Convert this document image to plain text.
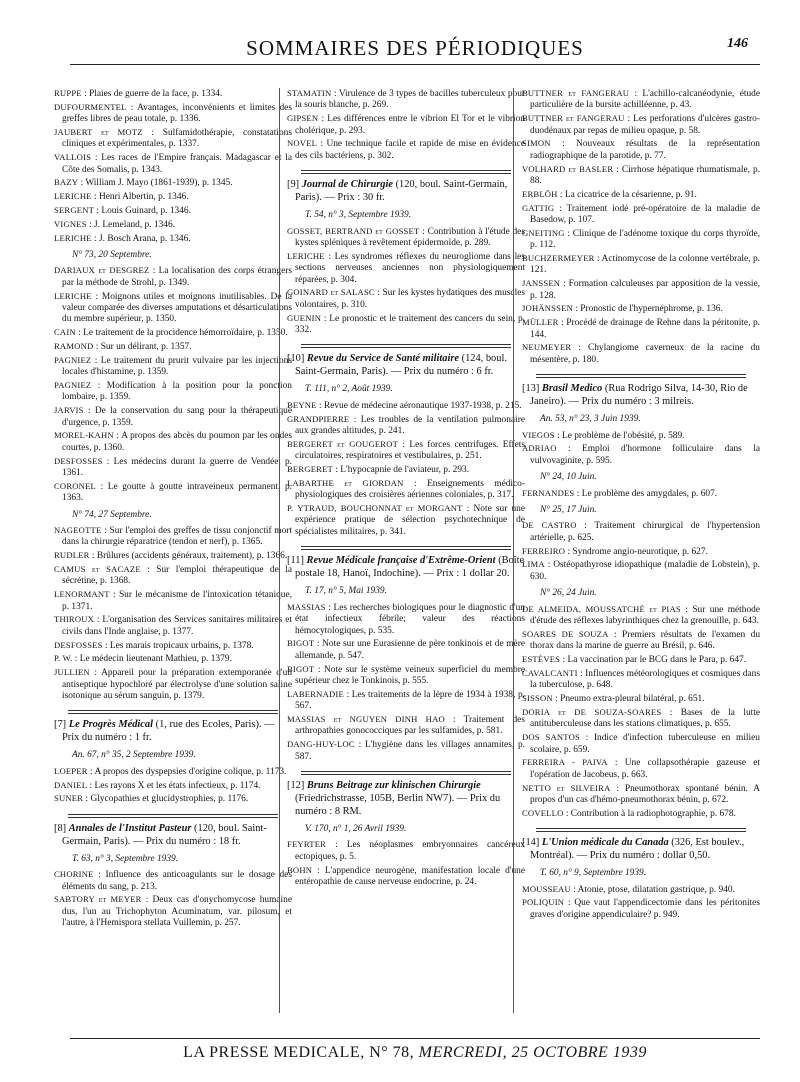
SOMMAIRES DES PÉRIODIQUES	146
RUPPE : Plaies de guerre de la face, p. 1334.
DUFOURMENTEL : Avantages, inconvénients et limites des greffes libres de peau totale, p. 1336.
JAUBERT et MOTZ : Sulfamidothérapie, constatations cliniques et expérimentales, p. 1337.
VALLOIS : Les races de l'Empire français. Madagascar et la Côte des Somalis, p. 1343.
BAZY : William J. Mayo (1861-1939), p. 1345.
LERICHE : Henri Albertin, p. 1346.
SERGENT : Louis Guinard, p. 1346.
VIGNES : J. Lemeland, p. 1346.
LERICHE : J. Bosch Arana, p. 1346.
N° 73, 20 Septembre.
DARIAUX et DESGREZ : La localisation des corps étrangers par la méthode de Strohl, p. 1349.
LERICHE : Moignons utiles et moignons inutilisables. De la valeur comparée des diverses amputations et désarticulations du membre supérieur, p. 1350.
CAIN : Le traitement de la procidence hémorroïdaire, p. 1350.
RAMOND : Sur un délirant, p. 1357.
PAGNIEZ : Le traitement du prurit vulvaire par les injections locales d'histamine, p. 1359.
PAGNIEZ : Modification à la position pour la ponction lombaire, p. 1359.
JARVIS : De la conservation du sang pour la thérapeutique d'urgence, p. 1359.
MOREL-KAHN : A propos des abcès du poumon par les ondes courtes, p. 1360.
DESFOSSES : Les médecins durant la guerre de Vendée, p. 1361.
CORONEL : Le goutte à goutte intraveineux permanent, p. 1363.
N° 74, 27 Septembre.
NAGEOTTE : Sur l'emploi des greffes de tissu conjonctif mort dans la chirurgie réparatrice (tendon et nerf), p. 1365.
RUDLER : Brûlures (accidents généraux, traitement), p. 1366.
CAMUS et SACAZE : Sur l'emploi thérapeutique de la sécrétine, p. 1368.
LENORMANT : Sur le mécanisme de l'intoxication tétanique, p. 1371.
THIROUX : L'organisation des Services sanitaires militaires et civils dans l'Inde anglaise, p. 1377.
DESFOSSES : Les marais tropicaux urbains, p. 1378.
P. W. : Le médecin lieutenant Mathieu, p. 1379.
JULLIEN : Appareil pour la préparation extemporanée d'un antiseptique hypochloré par électrolyse d'une solution saline isotonique au sérum sanguin, p. 1379.
[7] Le Progrès Médical (1, rue des Ecoles, Paris). — Prix du numéro : 1 fr.
An. 67, n° 35, 2 Septembre 1939.
LOEPER : A propos des dyspepsies d'origine colique, p. 1173.
DANIEL : Les rayons X et les états infectieux, p. 1174.
SUNER : Glycopathies et glucidystrophies, p. 1176.
[8] Annales de l'Institut Pasteur (120, boul. Saint-Germain, Paris). — Prix du numéro : 18 fr.
T. 63, n° 3, Septembre 1939.
CHORINE : Influence des anticoagulants sur le dosage des éléments du sang, p. 213.
SABTORY et MEYER : Deux cas d'onychomycose humaine dus, l'un au Trichophyton Acuminatum, var. pilosum, et l'autre, à l'Hemispora stellata Vuillemin, p. 257.
STAMATIN : Virulence de 3 types de bacilles tuberculeux pour la souris blanche, p. 269.
GIPSEN : Les différences entre le vibrion El Tor et le vibrion cholérique, p. 293.
NOVEL : Une technique facile et rapide de mise en évidence des cils bactériens, p. 302.
[9] Journal de Chirurgie (120, boul. Saint-Germain, Paris). — Prix : 30 fr.
T. 54, n° 3, Septembre 1939.
GOSSET, BERTRAND et GOSSET : Contribution à l'étude des kystes spléniques à revêtement épidermoïde, p. 289.
LERICHE : Les syndromes réflexes du neurogliome dans les sections nerveuses anciennes non physiologiquement réparées, p. 304.
GOINARD et SALASC : Sur les kystes hydatiques des muscles volontaires, p. 310.
GUENIN : Le pronostic et le traitement des cancers du sein, p. 332.
[10] Revue du Service de Santé militaire (124, boul. Saint-Germain, Paris). — Prix du numéro : 6 fr.
T. 111, n° 2, Août 1939.
BEYNE : Revue de médecine aéronautique 1937-1938, p. 215.
GRANDPIERRE : Les troubles de la ventilation pulmonaire aux grandes altitudes, p. 241.
BERGERET et GOUGEROT : Les forces centrifuges. Effets circulatoires, respiratoires et vestibulaires, p. 251.
BERGERET : L'hypocapnie de l'aviateur, p. 293.
LABARTHE et GIORDAN : Enseignements médico-physiologiques des croisières aériennes coloniales, p. 317.
P. YTRAUD, BOUCHONNAT et MORGANT : Note sur une expérience pratique de sélection psychotechnique de spécialistes militaires, p. 341.
[11] Revue Médicale française d'Extrême-Orient (Boîte postale 18, Hanoï, Indochine). — Prix : 1 dollar 20.
T. 17, n° 5, Mai 1939.
MASSIAS : Les recherches biologiques pour le diagnostic d'un état infectieux fébrile; valeur des réactions hémocytologiques, p. 535.
BIGOT : Note sur une Eurasienne de père tonkinois et de mère allemande, p. 547.
BIGOT : Note sur le système veineux superficiel du membre supérieur chez le Tonkinois, p. 555.
LABERNADIE : Les traitements de la lèpre de 1934 à 1938, p. 567.
MASSIAS et NGUYEN DINH HAO : Traitement des arthropathies gonococciques par les sulfamides, p. 581.
DANG-HUY-LOC : L'hygiène dans les villages annamites, p. 587.
[12] Bruns Beitrage zur klinischen Chirurgie (Friedrichstrasse, 105B, Berlin NW7). — Prix du numéro : 8 RM.
V. 170, n° 1, 26 Avril 1939.
FEYRTER : Les néoplasmes embryonnaires cancéreux ectopiques, p. 5.
BOHN : L'appendice neurogène, manifestation locale d'une entéropathie de cause nerveuse endocrine, p. 24.
BUTTNER et FANGERAU : L'achillo-calcanéodynie, étude particulière de la bursite achilléenne, p. 43.
BUTTNER et FANGERAU : Les perforations d'ulcères gastro-duodénaux par repas de milieu opaque, p. 58.
SIMON : Nouveaux résultats de la représentation radiographique de la parotide, p. 77.
VOLHARD et BASLER : Cirrhose hépatique rhumatismale, p. 88.
ERBLÖH : La cicatrice de la césarienne, p. 91.
GATTIG : Traitement iodé pré-opératoire de la maladie de Basedow, p. 107.
GNEITING : Clinique de l'adénome toxique du corps thyroïde, p. 112.
BUCHZERMEYER : Actinomycose de la colonne vertébrale, p. 121.
JANSSEN : Formation calculeuses par apposition de la vessie, p. 128.
JOHÄNSSEN : Pronostic de l'hypernéphrome, p. 136.
MÜLLER : Procédé de drainage de Rehne dans la péritonite, p. 144.
NEUMEYER : Chylangiome caverneux de la racine du mésentère, p. 180.
[13] Brasil Medico (Rua Rodrigo Silva, 14-30, Rio de Janeiro). — Prix du numéro : 3 milreis.
An. 53, n° 23, 3 Juin 1939.
VIEGOS : Le problème de l'obésité, p. 589.
ADRIAO : Emploi d'hormone folliculaire dans la vulvovaginite, p. 595.
N° 24, 10 Juin.
FERNANDES : Le problème des amygdales, p. 607.
N° 25, 17 Juin.
DE CASTRO : Traitement chirurgical de l'hypertension artérielle, p. 625.
FERREIRO : Syndrome angio-neurotique, p. 627.
LIMA : Ostéopathyrose idiopathique (maladie de Lobstein), p. 630.
N° 26, 24 Juin.
DE ALMEIDA, MOUSSATCHÉ et PIAS : Sur une méthode d'étude des réflexes labyrinthiques chez la grenouille, p. 643.
SOARES DE SOUZA : Premiers résultats de l'examen du thorax dans la marine de guerre au Brésil, p. 646.
ESTÈVES : La vaccination par le BCG dans le Para, p. 647.
CAVALCANTI : Influences météorologiques et cosmiques dans la tuberculose, p. 648.
SISSON : Pneumo extra-pleural bilatéral, p. 651.
DORIA et DE SOUZA-SOARES : Bases de la lutte antituberculeuse dans les stations climatiques, p. 655.
DOS SANTOS : Indice d'infection tuberculeuse en milieu scolaire, p. 659.
FERREIRA - PAIVA : Une collapsothérapie gazeuse et l'opération de Jacobeus, p. 663.
NETTO et SILVEIRA : Pneumothorax spontané bénin. A propos d'un cas d'hémo-pneumothorax bénin, p. 672.
COVELLO : Contribution à la radiophotographie, p. 678.
[14] L'Union médicale du Canada (326, Est boulev., Montréal). — Prix du numéro : dollar 0,50.
T. 60, n° 9, Septembre 1939.
MOUSSEAU : Atonie, ptose, dilatation gastrique, p. 940.
POLIQUIN : Que vaut l'appendicectomie dans les péritonites graves d'origine appendiculaire? p. 949.
LA PRESSE MEDICALE, N° 78, MERCREDI, 25 OCTOBRE 1939
